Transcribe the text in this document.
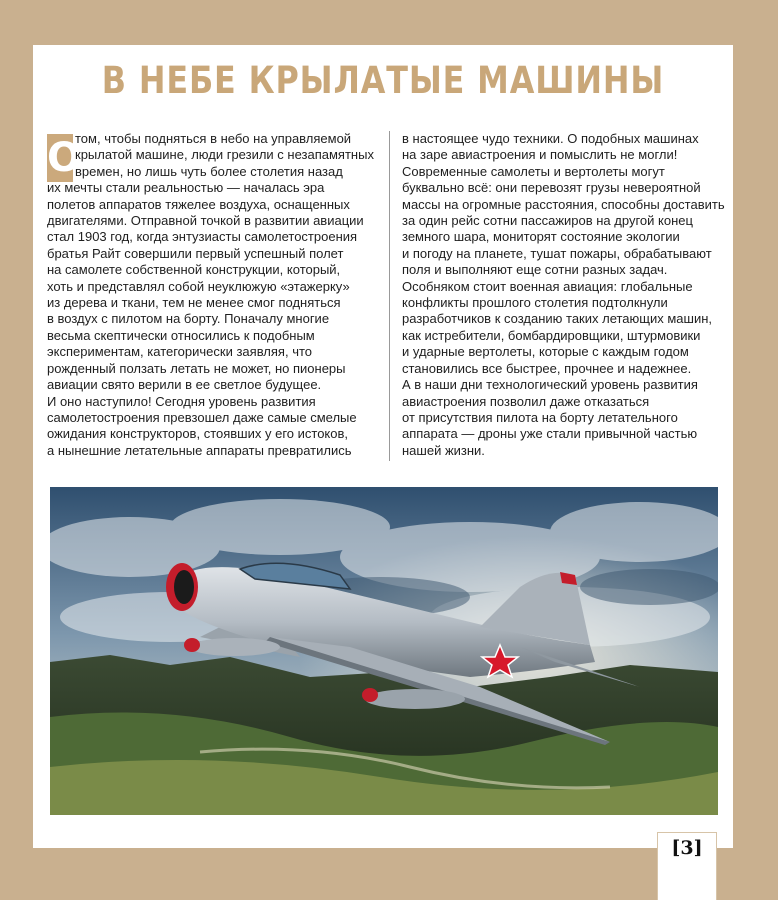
В НЕБЕ КРЫЛАТЫЕ МАШИНЫ
О
том, чтобы подняться в небо на управляемой
крылатой машине, люди грезили с незапамятных
времен, но лишь чуть более столетия назад
их мечты стали реальностью — началась эра
полетов аппаратов тяжелее воздуха, оснащенных
двигателями. Отправной точкой в развитии авиации
стал 1903 год, когда энтузиасты самолетостроения
братья Райт совершили первый успешный полет
на самолете собственной конструкции, который,
хоть и представлял собой неуклюжую «этажерку»
из дерева и ткани, тем не менее смог подняться
в воздух с пилотом на борту. Поначалу многие
весьма скептически относились к подобным
экспериментам, категорически заявляя, что
рожденный ползать летать не может, но пионеры
авиации свято верили в ее светлое будущее.
И оно наступило! Сегодня уровень развития
самолетостроения превзошел даже самые смелые
ожидания конструкторов, стоявших у его истоков,
а нынешние летательные аппараты превратились
в настоящее чудо техники. О подобных машинах
на заре авиастроения и помыслить не могли!
Современные самолеты и вертолеты могут
буквально всё: они перевозят грузы невероятной
массы на огромные расстояния, способны доставить
за один рейс сотни пассажиров на другой конец
земного шара, мониторят состояние экологии
и погоду на планете, тушат пожары, обрабатывают
поля и выполняют еще сотни разных задач.
Особняком стоит военная авиация: глобальные
конфликты прошлого столетия подтолкнули
разработчиков к созданию таких летающих машин,
как истребители, бомбардировщики, штурмовики
и ударные вертолеты, которые с каждым годом
становились все быстрее, прочнее и надежнее.
А в наши дни технологический уровень развития
авиастроения позволил даже отказаться
от присутствия пилота на борту летательного
аппарата — дроны уже стали привычной частью
нашей жизни.
[3]
